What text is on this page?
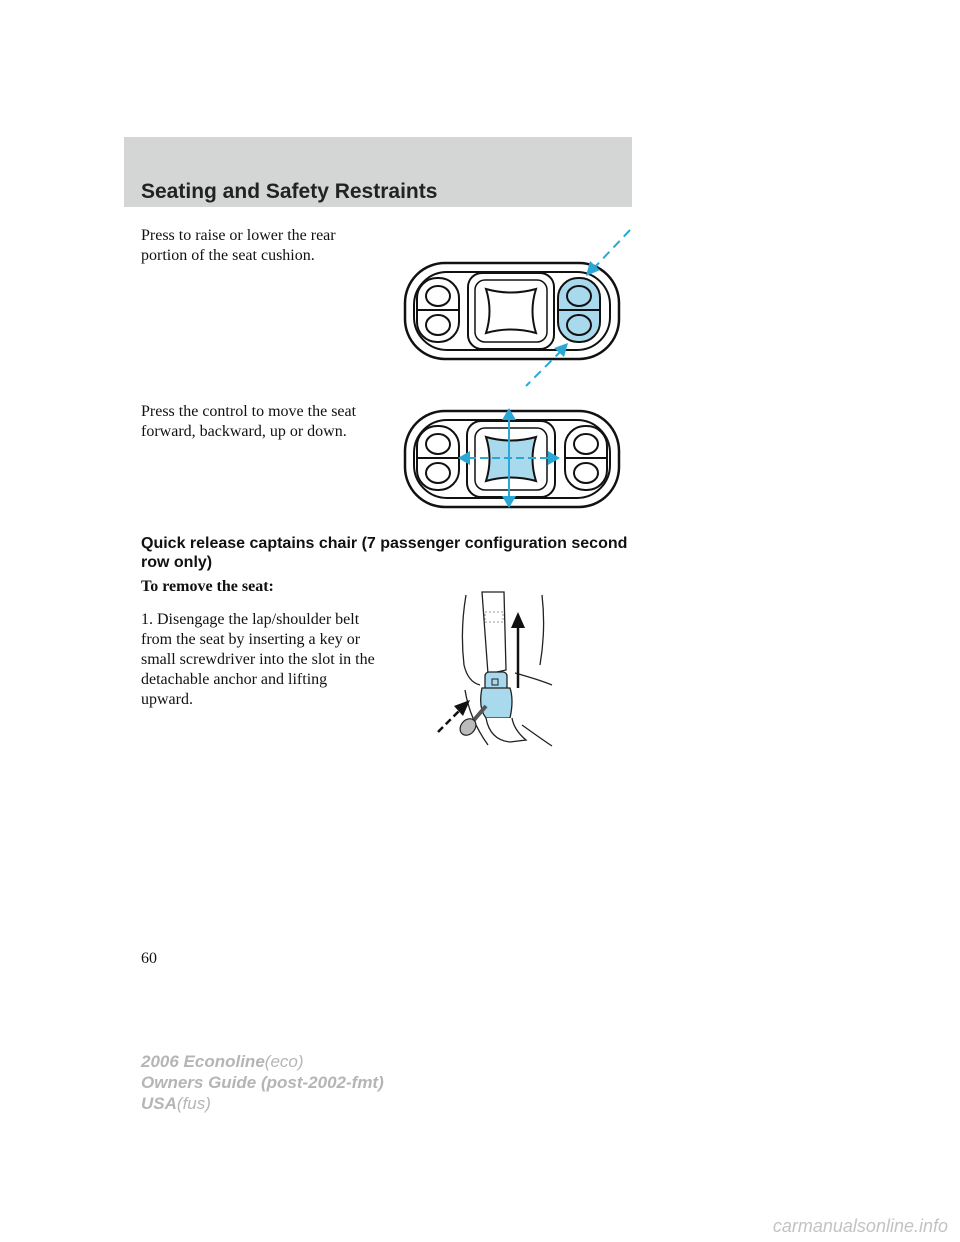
Seating and Safety Restraints
Press to raise or lower the rear
portion of the seat cushion.
Press the control to move the seat
forward, backward, up or down.
Quick release captains chair (7 passenger configuration second row only)
To remove the seat:
1. Disengage the lap/shoulder belt
from the seat by inserting a key or
small screwdriver into the slot in the
detachable anchor and lifting
upward.
60
2006 Econoline(eco)
Owners Guide (post-2002-fmt)
USA(fus)
carmanualsonline.info
